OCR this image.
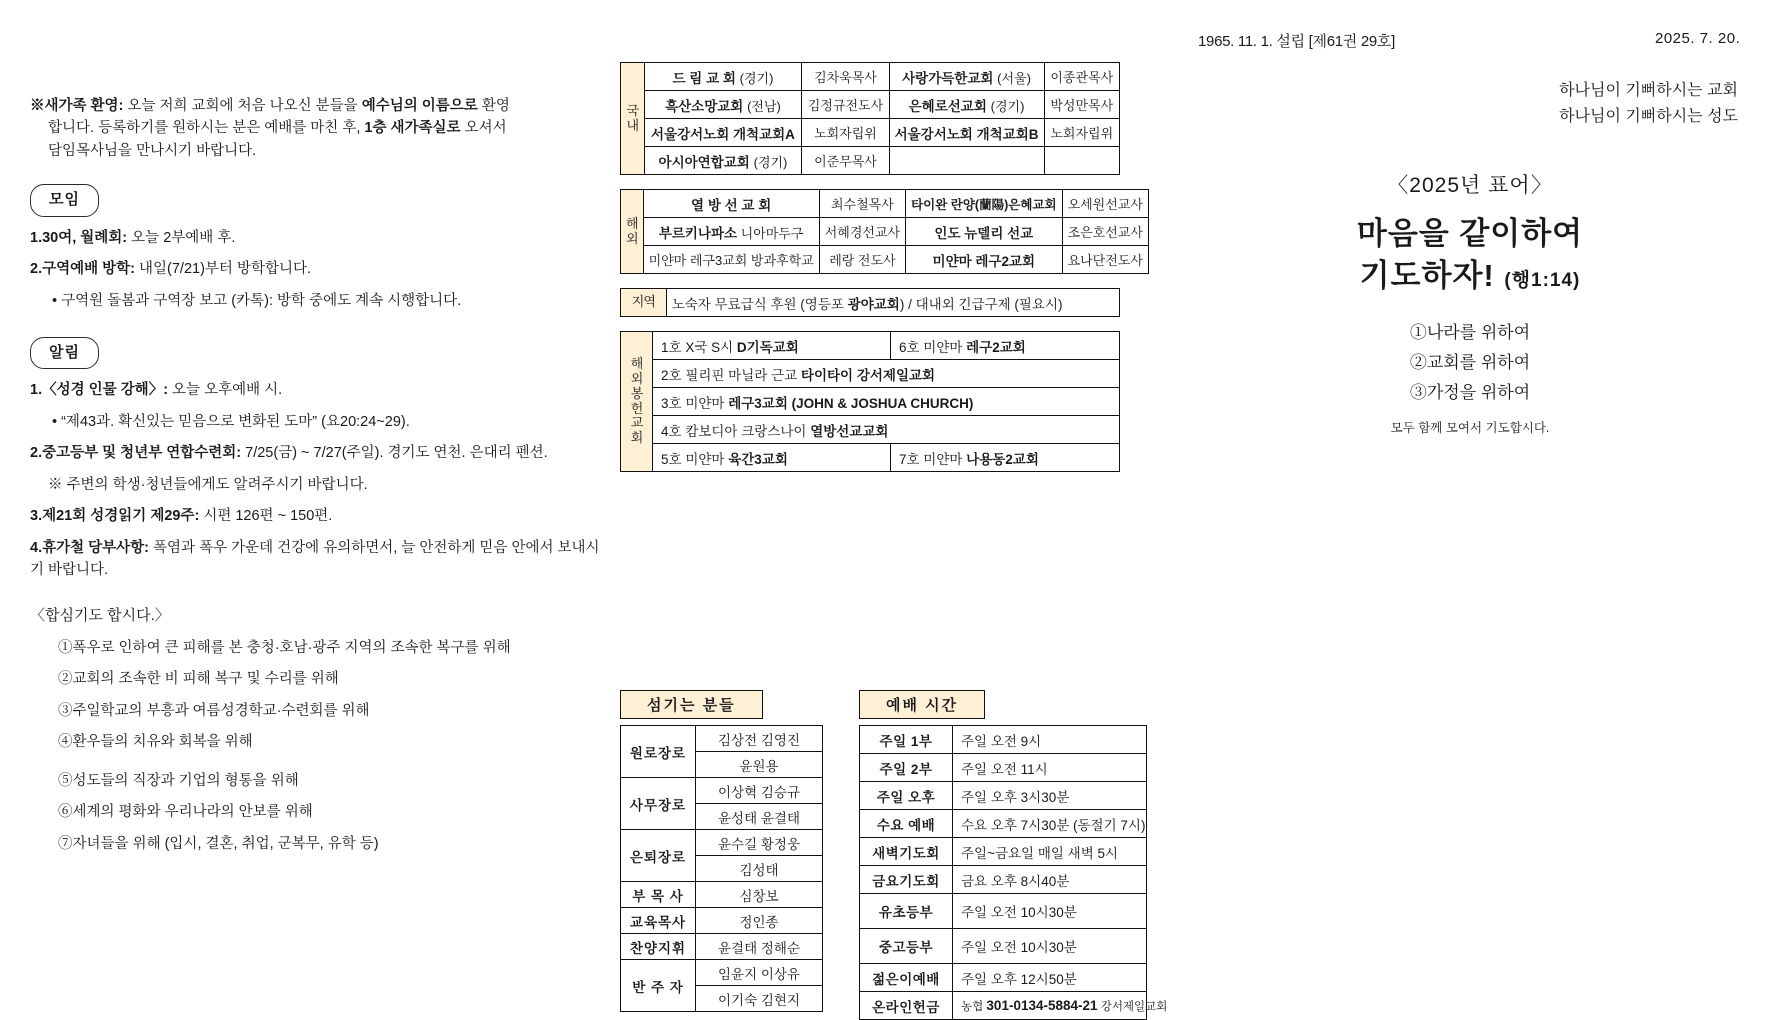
1965. 11. 1. 설립 [제61권 29호]	2025. 7. 20.
※새가족 환영: 오늘 저희 교회에 처음 나오신 분들을 예수님의 이름으로 환영
합니다. 등록하기를 원하시는 분은 예배를 마친 후, 1층 새가족실로 오셔서
담임목사님을 만나시기 바랍니다.
모임
1.30여, 월례회: 오늘 2부예배 후.
2.구역예배 방학: 내일(7/21)부터 방학합니다.
• 구역원 돌봄과 구역장 보고 (카톡): 방학 중에도 계속 시행합니다.
알림
1.〈성경 인물 강해〉: 오늘 오후예배 시.
• “제43과. 확신있는 믿음으로 변화된 도마” (요20:24~29).
2.중고등부 및 청년부 연합수련회: 7/25(금) ~ 7/27(주일). 경기도 연천. 은대리 펜션.
※ 주변의 학생·청년들에게도 알려주시기 바랍니다.
3.제21회 성경읽기 제29주: 시편 126편 ~ 150편.
4.휴가철 당부사항: 폭염과 폭우 가운데 건강에 유의하면서, 늘 안전하게 믿음 안에서 보내시기 바랍니다.
〈합심기도 합시다.〉
①폭우로 인하여 큰 피해를 본 충청·호남·광주 지역의 조속한 복구를 위해
②교회의 조속한 비 피해 복구 및 수리를 위해
③주일학교의 부흥과 여름성경학교·수련회를 위해
④환우들의 치유와 회복을 위해
⑤성도들의 직장과 기업의 형통을 위해
⑥세계의 평화와 우리나라의 안보를 위해
⑦자녀들을 위해 (입시, 결혼, 취업, 군복무, 유학 등)
국
내	드 림 교 회 (경기)	김차욱목사	사랑가득한교회 (서울)	이종관목사
	흑산소망교회 (전남)	김정규전도사	은혜로선교회 (경기)	박성만목사
	서울강서노회 개척교회A	노회자립위	서울강서노회 개척교회B	노회자립위
	아시아연합교회 (경기)	이준무목사		
해
외	열 방 선 교 회	최수철목사	타이완 란양(蘭陽)은혜교회	오세원선교사
	부르키나파소 니아마두구	서혜경선교사	인도 뉴델리 선교	조은호선교사
	미얀마 레구3교회 방과후학교	레랑 전도사	미얀마 레구2교회	요나단전도사
지역	노숙자 무료급식 후원 (영등포 광야교회) / 대내외 긴급구제 (필요시)
해
외
봉
헌
교
회
	1호 X국 S시 D기독교회	6호 미얀마 레구2교회
	2호 필리핀 마닐라 근교 타이타이 강서제일교회	
	3호 미얀마 레구3교회 (JOHN & JOSHUA CHURCH)	
	4호 캄보디아 크랑스나이 열방선교교회	
	5호 미얀마 육간3교회	7호 미얀마 나용동2교회
섬기는 분들
원로장로	김상전 김영진
	윤원용
사무장로	이상혁 김승규
	윤성태 윤결태
은퇴장로	윤수길 황정웅
	김성태
부 목 사	심창보
교육목사	정인종
찬양지휘	윤결태 정해순
반 주 자	임윤지 이상유
	이기숙 김현지
예배 시간
주일 1부	주일 오전 9시
주일 2부	주일 오전 11시
주일 오후	주일 오후 3시30분
수요 예배	수요 오후 7시30분 (동절기 7시)
새벽기도회	주일~금요일 매일 새벽 5시
금요기도회	금요 오후 8시40분
유초등부	주일 오전 10시30분
중고등부	주일 오전 10시30분
젊은이예배	주일 오후 12시50분
온라인헌금	농협 301-0134-5884-21 강서제일교회
하나님이 기뻐하시는 교회
하나님이 기뻐하시는 성도
〈2025년 표어〉
마음을 같이하여
기도하자! (행1:14)
①나라를 위하여
②교회를 위하여
③가정을 위하여
모두 함께 모여서 기도합시다.
